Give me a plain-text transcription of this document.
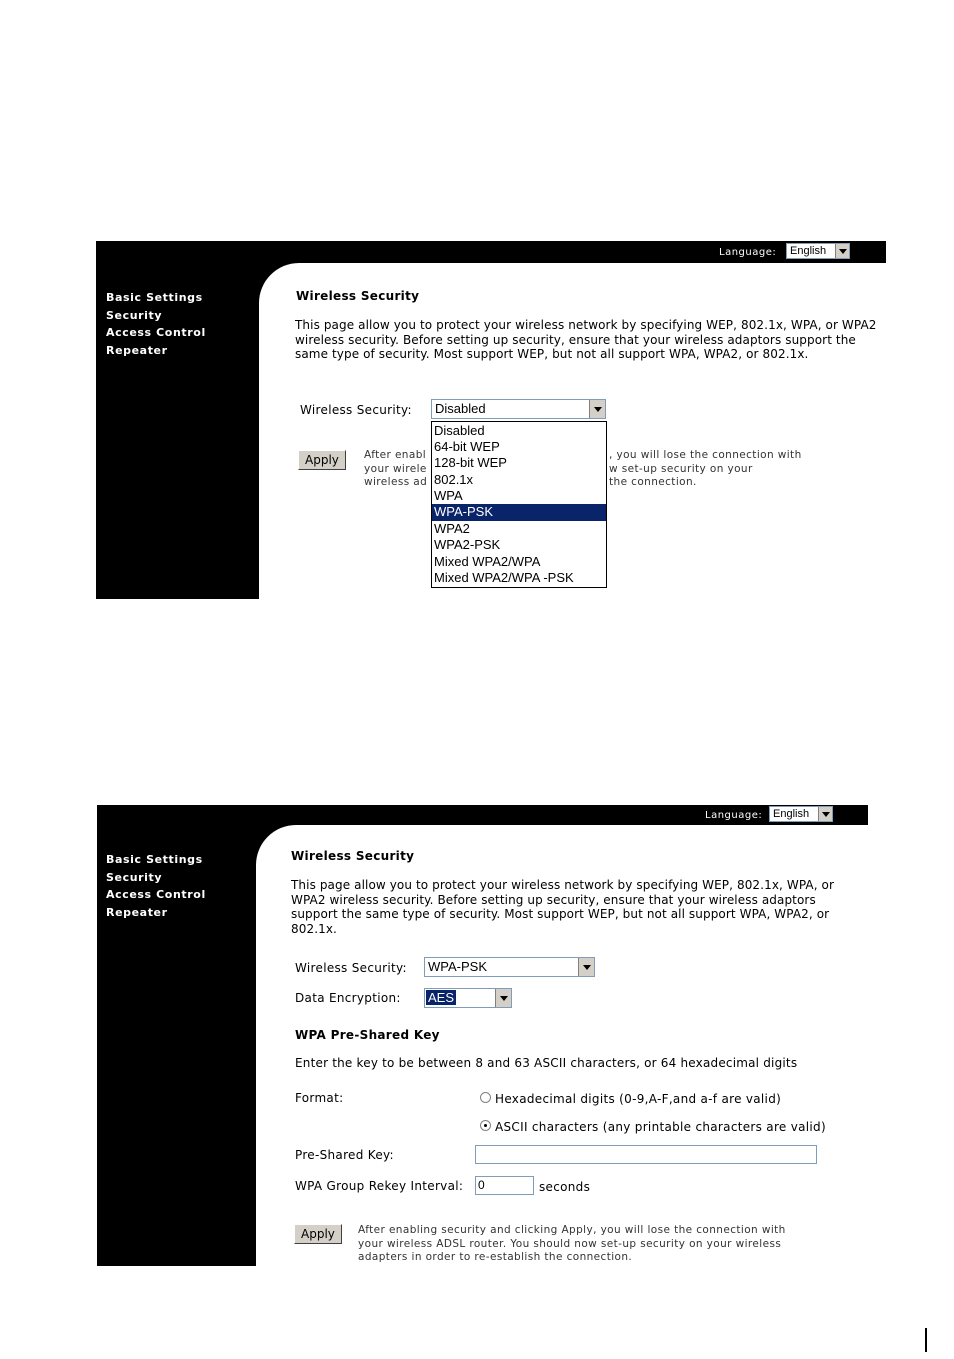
Language: English
Basic Settings
Security
Access Control
Repeater
Wireless Security
This page allow you to protect your wireless network by specifying WEP, 802.1x, WPA, or WPA2 wireless security. Before setting up security, ensure that your wireless adaptors support the same type of security. Most support WEP, but not all support WPA, WPA2, or 802.1x.
Wireless Security: Disabled
Apply	After enabl
your wirele
wireless ad
, you will lose the connection with
w set-up security on your
the connection.
Disabled
64-bit WEP
128-bit WEP
802.1x
WPA
WPA-PSK
WPA2
WPA2-PSK
Mixed WPA2/WPA
Mixed WPA2/WPA -PSK
Language: English
Basic Settings
Security
Access Control
Repeater
Wireless Security
This page allow you to protect your wireless network by specifying WEP, 802.1x, WPA, or WPA2 wireless security. Before setting up security, ensure that your wireless adaptors support the same type of security. Most support WEP, but not all support WPA, WPA2, or 802.1x.
Wireless Security: WPA-PSK
Data Encryption: AES
WPA Pre-Shared Key
Enter the key to be between 8 and 63 ASCII characters, or 64 hexadecimal digits
Format:	Hexadecimal digits (0-9,A-F,and a-f are valid)
ASCII characters (any printable characters are valid)
Pre-Shared Key:
WPA Group Rekey Interval: 0	seconds
Apply	After enabling security and clicking Apply, you will lose the connection with your wireless ADSL router. You should now set-up security on your wireless adapters in order to re-establish the connection.
